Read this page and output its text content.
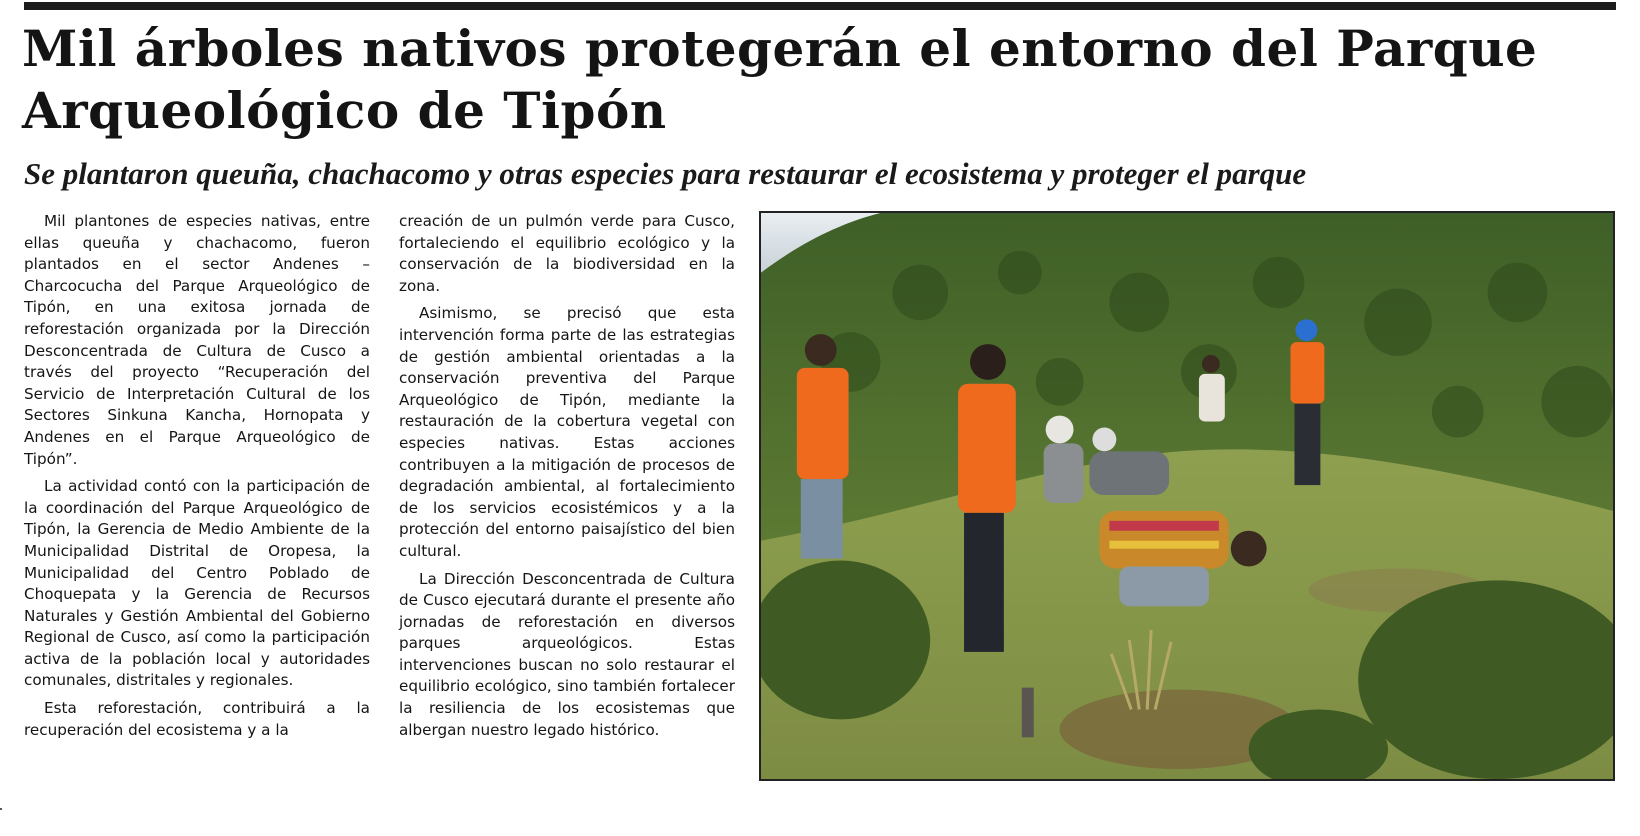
Mil árboles nativos protegerán el entorno del Parque Arqueológico de Tipón
Se plantaron queuña, chachacomo y otras especies para restaurar el ecosistema y proteger el parque

Mil plantones de especies nativas, entre ellas queuña y chachacomo, fueron plantados en el sector Andenes – Charcocucha del Parque Arqueológico de Tipón, en una exitosa jornada de reforestación organizada por la Dirección Desconcentrada de Cultura de Cusco a través del proyecto “Recuperación del Servicio de Interpretación Cultural de los Sectores Sinkuna Kancha, Hornopata y Andenes en el Parque Arqueológico de Tipón”.

La actividad contó con la participación de la coordinación del Parque Arqueológico de Tipón, la Gerencia de Medio Ambiente de la Municipalidad Distrital de Oropesa, la Municipalidad del Centro Poblado de Choquepata y la Gerencia de Recursos Naturales y Gestión Ambiental del Gobierno Regional de Cusco, así como la participación activa de la población local y autoridades comunales, distritales y regionales.

Esta reforestación, contribuirá a la recuperación del ecosistema y a la

creación de un pulmón verde para Cusco, fortaleciendo el equilibrio ecológico y la conservación de la biodiversidad en la zona.

Asimismo, se precisó que esta intervención forma parte de las estrategias de gestión ambiental orientadas a la conservación preventiva del Parque Arqueológico de Tipón, mediante la restauración de la cobertura vegetal con especies nativas. Estas acciones contribuyen a la mitigación de procesos de degradación ambiental, al fortalecimiento de los servicios ecosistémicos y a la protección del entorno paisajístico del bien cultural.

La Dirección Desconcentrada de Cultura de Cusco ejecutará durante el presente año jornadas de reforestación en diversos parques arqueológicos. Estas intervenciones buscan no solo restaurar el equilibrio ecológico, sino también fortalecer la resiliencia de los ecosistemas que albergan nuestro legado histórico.
